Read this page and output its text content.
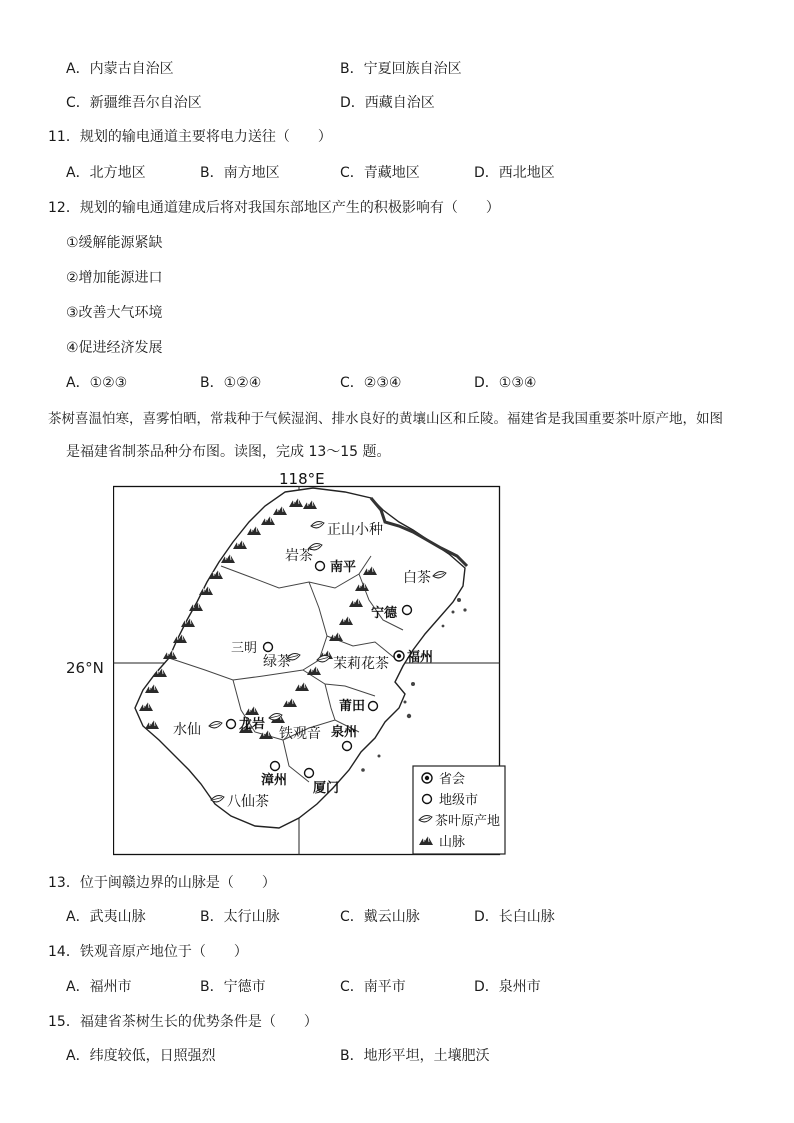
A．内蒙古自治区	B．宁夏回族自治区
C．新疆维吾尔自治区	D．西藏自治区
11．规划的输电通道主要将电力送往（　　）
A．北方地区	B．南方地区	C．青藏地区	D．西北地区
12．规划的输电通道建成后将对我国东部地区产生的积极影响有（　　）
①缓解能源紧缺
②增加能源进口
③改善大气环境
④促进经济发展
A．①②③	B．①②④	C．②③④	D．①③④
茶树喜温怕寒，喜雾怕晒，常栽种于气候湿润、排水良好的黄壤山区和丘陵。福建省是我国重要茶叶原产地，如图
是福建省制茶品种分布图。读图，完成 13～15 题。
118°E
正山小种
岩茶
白茶
绿茶	茉莉花茶
水仙	铁观音
八仙茶
南平
宁德
三明
福州
莆田
龙岩
泉州
漳州
厦门
省会
地级市
茶叶原产地
山脉
26°N
13．位于闽赣边界的山脉是（　　）
A．武夷山脉	B．太行山脉	C．戴云山脉	D．长白山脉
14．铁观音原产地位于（　　）
A．福州市	B．宁德市	C．南平市	D．泉州市
15．福建省茶树生长的优势条件是（　　）
A．纬度较低，日照强烈	B．地形平坦，土壤肥沃
